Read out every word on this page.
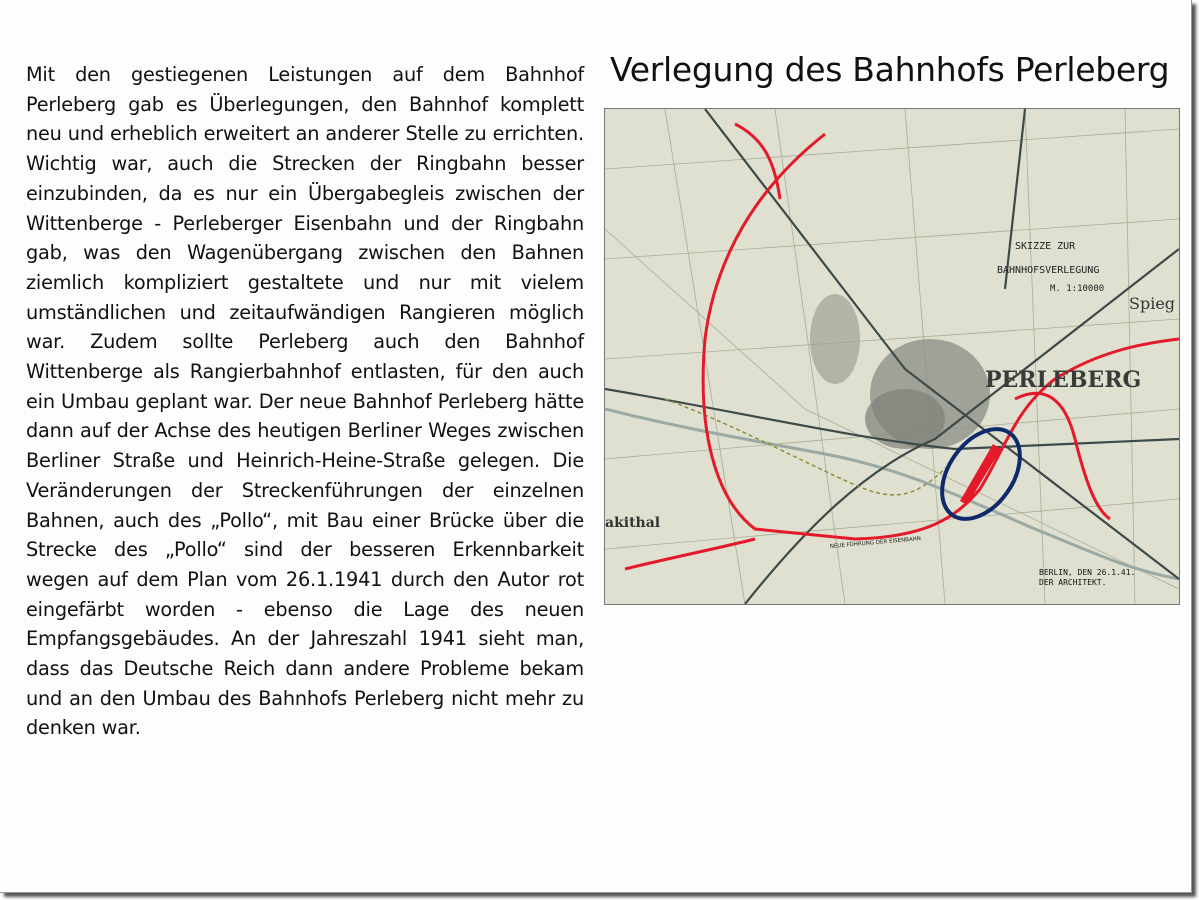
Verlegung des Bahnhofs Perleberg
Mit den gestiegenen Leistungen auf dem Bahnhof Perleberg gab es Überlegungen, den Bahnhof komplett neu und erheblich erweitert an anderer Stelle zu errichten. Wichtig war, auch die Strecken der Ringbahn besser einzubinden, da es nur ein Übergabegleis zwischen der Wittenberge - Perleberger Eisenbahn und der Ringbahn gab, was den Wagenübergang zwischen den Bahnen ziemlich kompliziert gestaltete und nur mit vielem umständlichen und zeitaufwändigen Rangieren möglich war. Zudem sollte Perleberg auch den Bahnhof Wittenberge als Rangierbahnhof entlasten, für den auch ein Umbau geplant war. Der neue Bahnhof Perleberg hätte dann auf der Achse des heutigen Berliner Weges zwischen Berliner Straße und Heinrich-Heine-Straße gelegen. Die Veränderungen der Streckenführungen der einzelnen Bahnen, auch des „Pollo“, mit Bau einer Brücke über die Strecke des „Pollo“ sind der besseren Erkennbarkeit wegen auf dem Plan vom 26.1.1941 durch den Autor rot eingefärbt worden - ebenso die Lage des neuen Empfangsgebäudes. An der Jahreszahl 1941 sieht man, dass das Deutsche Reich dann andere Probleme bekam und an den Umbau des Bahnhofs Perleberg nicht mehr zu denken war.
PERLEBERG
SKIZZE ZUR
BAHNHOFSVERLEGUNG
M. 1:10000
Spieg
akithal
NEUE FÜHRUNG DER EISENBAHN
BERLIN, DEN 26.1.41.
DER ARCHITEKT.
